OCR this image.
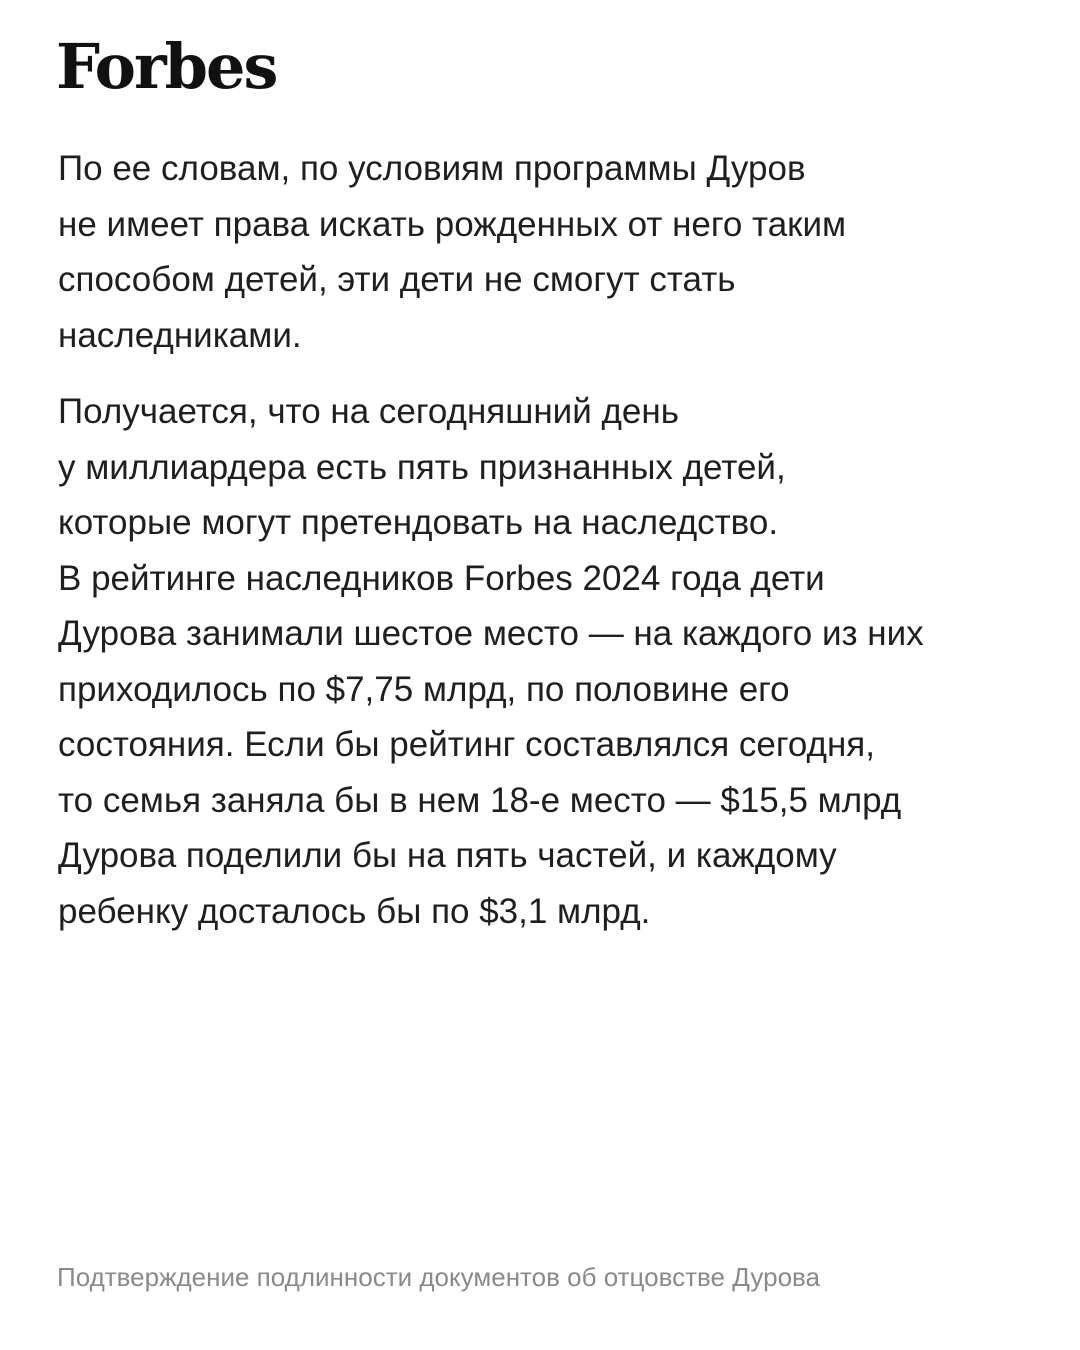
Forbes

По ее словам, по условиям программы Дуров
не имеет права искать рожденных от него таким
способом детей, эти дети не смогут стать
наследниками.

Получается, что на сегодняшний день
у миллиардера есть пять признанных детей,
которые могут претендовать на наследство.
В рейтинге наследников Forbes 2024 года дети
Дурова занимали шестое место — на каждого из них
приходилось по $7,75 млрд, по половине его
состояния. Если бы рейтинг составлялся сегодня,
то семья заняла бы в нем 18-е место — $15,5 млрд
Дурова поделили бы на пять частей, и каждому
ребенку досталось бы по $3,1 млрд.

Подтверждение подлинности документов об отцовстве Дурова
